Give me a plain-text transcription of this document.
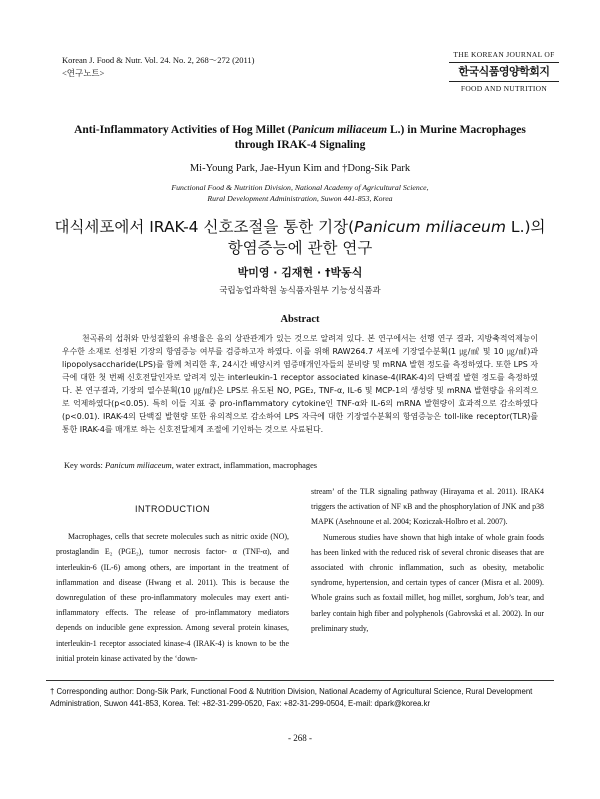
Korean J. Food & Nutr. Vol. 24. No. 2, 268～272 (2011)
<연구노트>
THE KOREAN JOURNAL OF
한국식품영양학회지
FOOD AND NUTRITION
Anti-Inflammatory Activities of Hog Millet (Panicum miliaceum L.) in Murine Macrophages
through IRAK-4 Signaling
Mi-Young Park, Jae-Hyun Kim and †Dong-Sik Park
Functional Food & Nutrition Division, National Academy of Agricultural Science,
Rural Development Administration, Suwon 441-853, Korea
대식세포에서 IRAK-4 신호조절을 통한 기장(Panicum miliaceum L.)의
항염증능에 관한 연구
박미영 · 김재현 · †박동식
국립농업과학원 농식품자원부 기능성식품과
Abstract

천곡류의 섭취와 만성질환의 유병율은 음의 상관관계가 있는 것으로 알려져 있다. 본 연구에서는 선행 연구 결과, 지방축적억제능이 우수한 소재로 선정된 기장의 항염증능 여부를 검증하고자 하였다. 이를 위해 RAW264.7 세포에 기장열수분획(1 ㎍/㎖ 및 10 ㎍/㎖)과 lipopolysaccharide(LPS)를 함께 처리한 후, 24시간 배양시켜 염증매개인자들의 분비량 및 mRNA 발현 정도를 측정하였다. 또한 LPS 자극에 대한 첫 번째 신호전달인자로 알려져 있는 interleukin-1 receptor associated kinase-4(IRAK-4)의 단백질 발현 정도를 측정하였다. 본 연구결과, 기장의 열수분획(10 ㎍/㎖)은 LPS로 유도된 NO, PGE₂, TNF-α, IL-6 및 MCP-1의 생성량 및 mRNA 발현량을 유의적으로 억제하였다(p<0.05). 특히 이들 지표 중 pro-inflammatory cytokine인 TNF-α와 IL-6의 mRNA 발현량이 효과적으로 감소하였다(p<0.01). IRAK-4의 단백질 발현량 또한 유의적으로 감소하여 LPS 자극에 대한 기장열수분획의 항염증능은 toll-like receptor(TLR)를 통한 IRAK-4를 매개로 하는 신호전달체계 조절에 기인하는 것으로 사료된다.

Key words: Panicum miliaceum, water extract, inflammation, macrophages
INTRODUCTION

Macrophages, cells that secrete molecules such as nitric oxide (NO), prostaglandin E₂ (PGE₂), tumor necrosis factor- α (TNF-α), and interleukin-6 (IL-6) among others, are important in the treatment of inflammation and disease (Hwang et al. 2011). This is because the downregulation of these pro-inflammatory molecules may exert anti-inflammatory effects. The release of pro-inflammatory mediators depends on inducible gene expression. Among several protein kinases, interleukin-1 receptor associated kinase-4 (IRAK-4) is known to be the initial protein kinase activated by the ‘down-

stream’ of the TLR signaling pathway (Hirayama et al. 2011). IRAK4 triggers the activation of NF κB and the phosphorylation of JNK and p38 MAPK (Asehnoune et al. 2004; Koziczak-Holbro et al. 2007).

Numerous studies have shown that high intake of whole grain foods has been linked with the reduced risk of several chronic diseases that are associated with chronic inflammation, such as obesity, metabolic syndrome, hypertension, and certain types of cancer (Misra et al. 2009). Whole grains such as foxtail millet, hog millet, sorghum, Job’s tear, and barley contain high fiber and polyphenols (Gabrovská et al. 2002). In our preliminary study,

† Corresponding author: Dong-Sik Park, Functional Food & Nutrition Division, National Academy of Agricultural Science, Rural Development Administration, Suwon 441-853, Korea. Tel: +82-31-299-0520, Fax: +82-31-299-0504, E-mail: dpark@korea.kr
- 268 -
